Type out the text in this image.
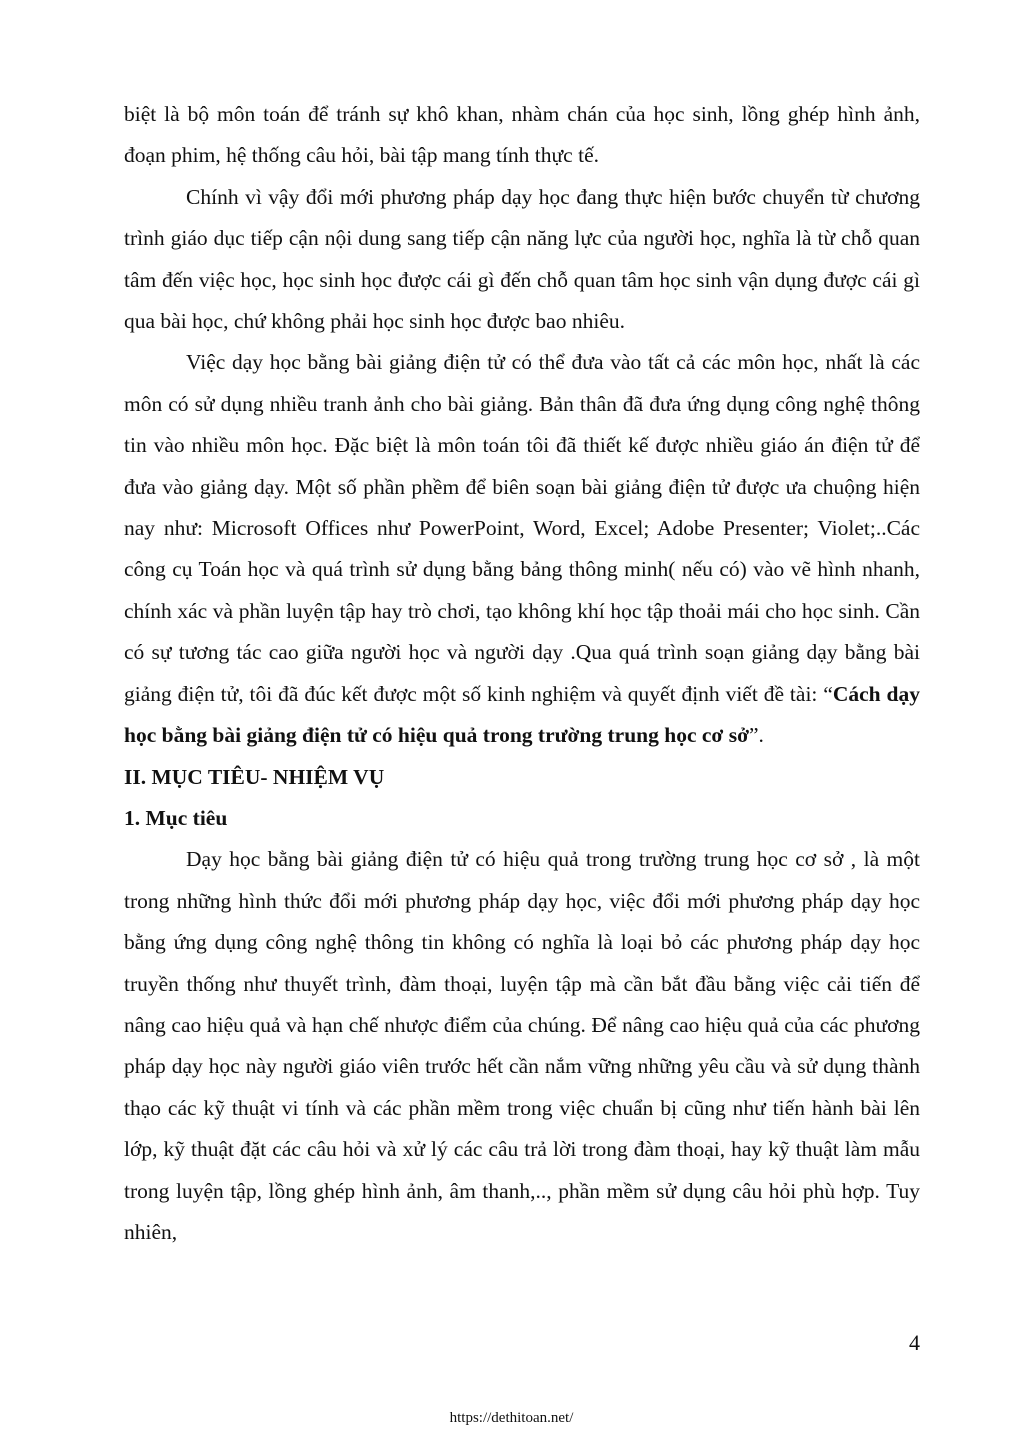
biệt là bộ môn toán để tránh sự khô khan, nhàm chán của học sinh, lồng ghép hình ảnh, đoạn phim, hệ thống câu hỏi, bài tập mang tính thực tế.

Chính vì vậy đổi mới phương pháp dạy học đang thực hiện bước chuyển từ chương trình giáo dục tiếp cận nội dung sang tiếp cận năng lực của người học, nghĩa là từ chỗ quan tâm đến việc học, học sinh học được cái gì đến chỗ quan tâm học sinh vận dụng được cái gì qua bài học, chứ không phải học sinh học được bao nhiêu.

Việc dạy học bằng bài giảng điện tử có thể đưa vào tất cả các môn học, nhất là các môn có sử dụng nhiều tranh ảnh cho bài giảng. Bản thân đã đưa ứng dụng công nghệ thông tin vào nhiều môn học. Đặc biệt là môn toán tôi đã thiết kế được nhiều giáo án điện tử để đưa vào giảng dạy. Một số phần phềm để biên soạn bài giảng điện tử được ưa chuộng hiện nay như: Microsoft Offices như PowerPoint, Word, Excel; Adobe Presenter; Violet;..Các công cụ Toán học và quá trình sử dụng bằng bảng thông minh( nếu có) vào vẽ hình nhanh, chính xác và phần luyện tập hay trò chơi, tạo không khí học tập thoải mái cho học sinh. Cần có sự tương tác cao giữa người học và người dạy .Qua quá trình soạn giảng dạy bằng bài giảng điện tử, tôi đã đúc kết được một số kinh nghiệm và quyết định viết đề tài: “Cách dạy học bằng bài giảng điện tử có hiệu quả trong trường trung học cơ sở”.

II. MỤC TIÊU- NHIỆM VỤ

1. Mục tiêu

Dạy học bằng bài giảng điện tử có hiệu quả trong trường trung học cơ sở , là một trong những hình thức đổi mới phương pháp dạy học, việc đổi mới phương pháp dạy học bằng ứng dụng công nghệ thông tin không có nghĩa là loại bỏ các phương pháp dạy học truyền thống như thuyết trình, đàm thoại, luyện tập mà cần bắt đầu bằng việc cải tiến để nâng cao hiệu quả và hạn chế nhược điểm của chúng. Để nâng cao hiệu quả của các phương pháp dạy học này người giáo viên trước hết cần nắm vững những yêu cầu và sử dụng thành thạo các kỹ thuật vi tính và các phần mềm trong việc chuẩn bị cũng như tiến hành bài lên lớp, kỹ thuật đặt các câu hỏi và xử lý các câu trả lời trong đàm thoại, hay kỹ thuật làm mẫu trong luyện tập, lồng ghép hình ảnh, âm thanh,.., phần mềm sử dụng câu hỏi phù hợp. Tuy nhiên,

4
https://dethitoan.net/
